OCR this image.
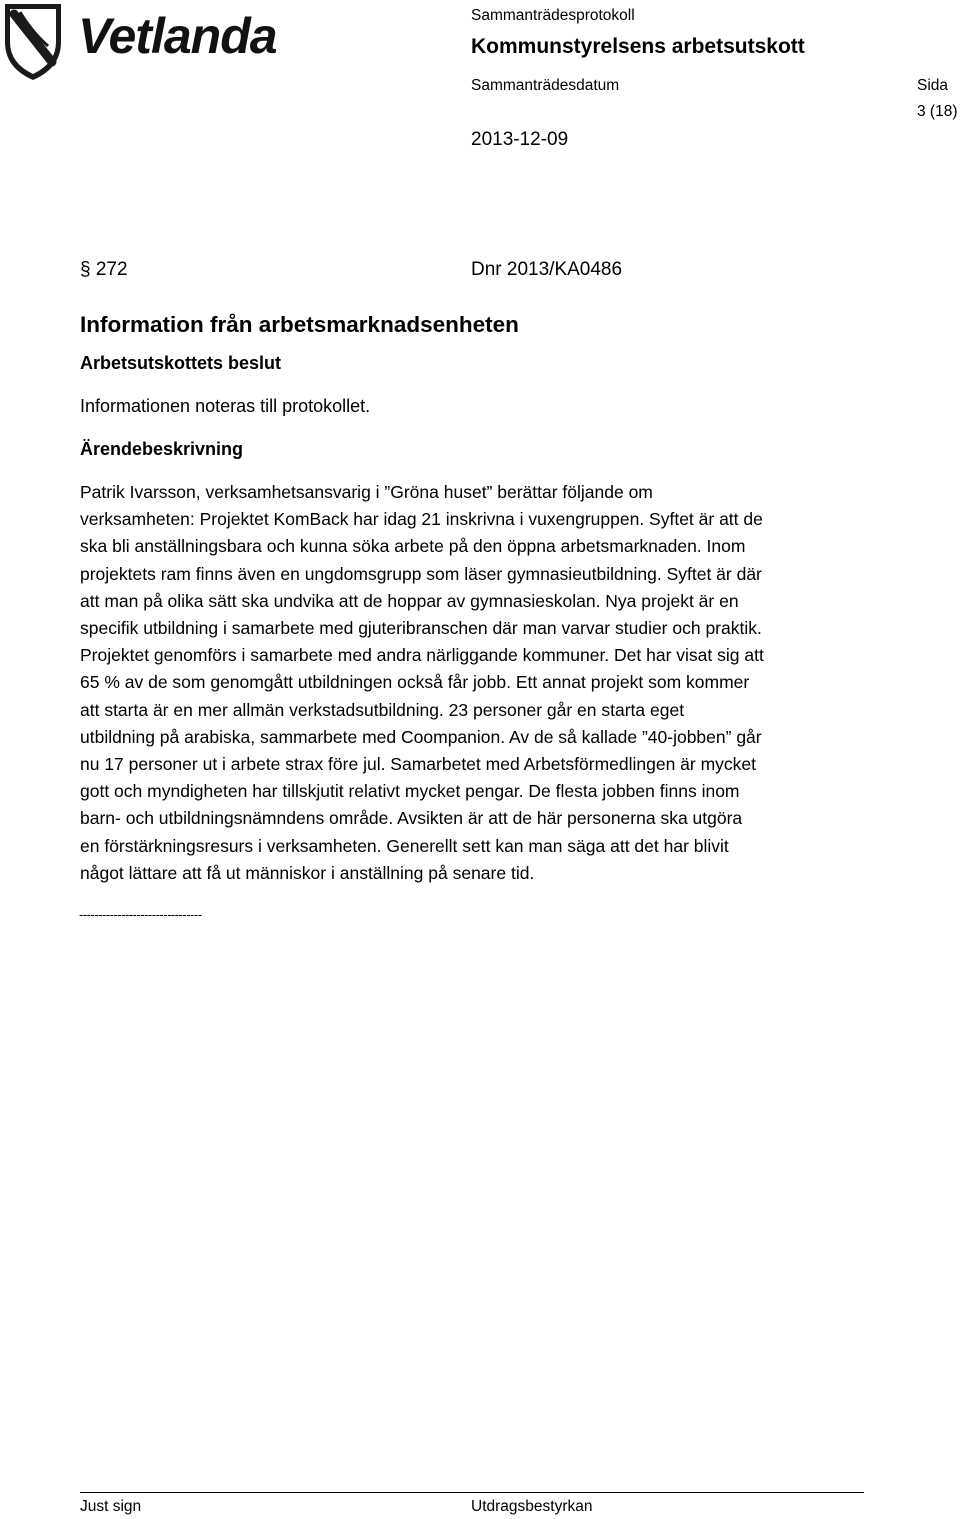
Vetlanda	Sammanträdesprotokoll
Kommunstyrelsens arbetsutskott
Sammanträdesdatum	Sida
3 (18)
2013-12-09
§ 272	Dnr 2013/KA0486
Information från arbetsmarknadsenheten
Arbetsutskottets beslut
Informationen noteras till protokollet.
Ärendebeskrivning
Patrik Ivarsson, verksamhetsansvarig i ”Gröna huset” berättar följande om
verksamheten: Projektet KomBack har idag 21 inskrivna i vuxengruppen. Syftet är att de
ska bli anställningsbara och kunna söka arbete på den öppna arbetsmarknaden. Inom
projektets ram finns även en ungdomsgrupp som läser gymnasieutbildning. Syftet är där
att man på olika sätt ska undvika att de hoppar av gymnasieskolan. Nya projekt är en
specifik utbildning i samarbete med gjuteribranschen där man varvar studier och praktik.
Projektet genomförs i samarbete med andra närliggande kommuner. Det har visat sig att
65 % av de som genomgått utbildningen också får jobb. Ett annat projekt som kommer
att starta är en mer allmän verkstadsutbildning. 23 personer går en starta eget
utbildning på arabiska, sammarbete med Coompanion. Av de så kallade ”40-jobben” går
nu 17 personer ut i arbete strax före jul. Samarbetet med Arbetsförmedlingen är mycket
gott och myndigheten har tillskjutit relativt mycket pengar. De flesta jobben finns inom
barn- och utbildningsnämndens område. Avsikten är att de här personerna ska utgöra
en förstärkningsresurs i verksamheten. Generellt sett kan man säga att det har blivit
något lättare att få ut människor i anställning på senare tid.
--------------------------------
Just sign	Utdragsbestyrkan
